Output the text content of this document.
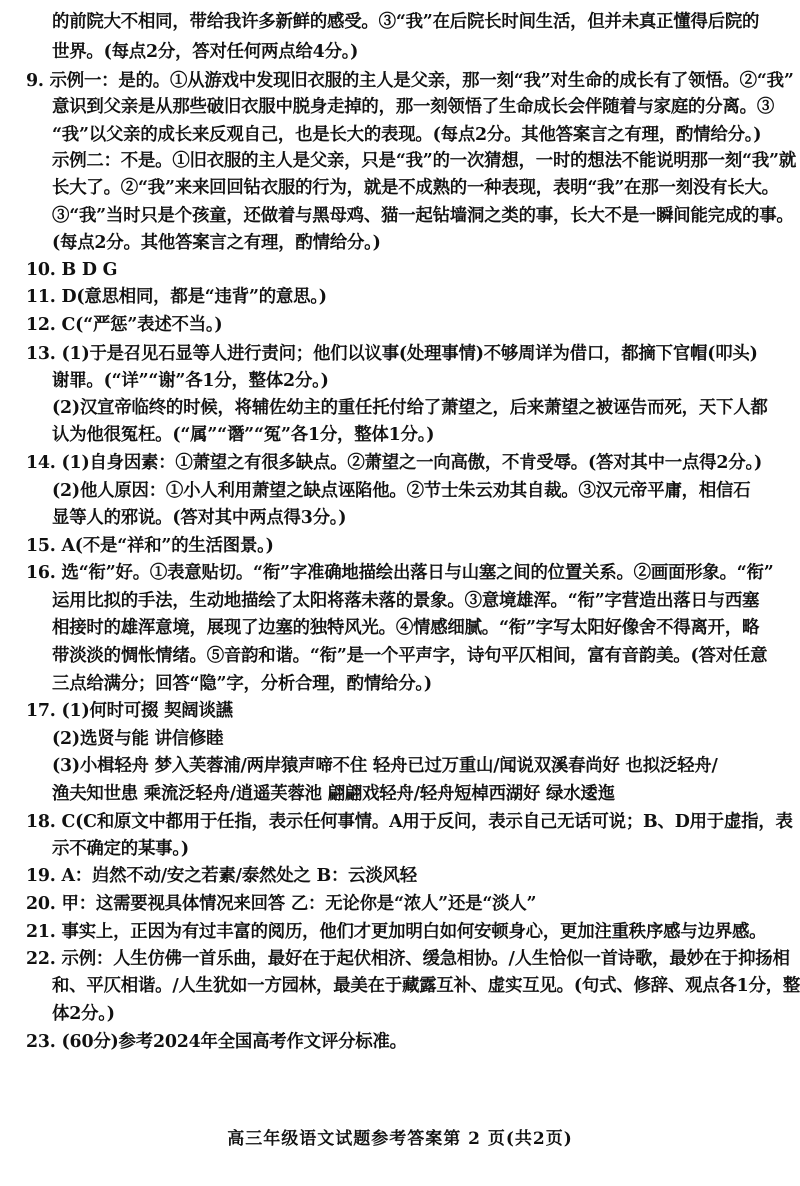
的前院大不相同，带给我许多新鲜的感受。③“我”在后院长时间生活，但并未真正懂得后院的
世界。(每点2分，答对任何两点给4分。)
9. 示例一：是的。①从游戏中发现旧衣服的主人是父亲，那一刻“我”对生命的成长有了领悟。②“我”
意识到父亲是从那些破旧衣服中脱身走掉的，那一刻领悟了生命成长会伴随着与家庭的分离。③
“我”以父亲的成长来反观自己，也是长大的表现。(每点2分。其他答案言之有理，酌情给分。)
示例二：不是。①旧衣服的主人是父亲，只是“我”的一次猜想，一时的想法不能说明那一刻“我”就
长大了。②“我”来来回回钻衣服的行为，就是不成熟的一种表现，表明“我”在那一刻没有长大。
③“我”当时只是个孩童，还做着与黑母鸡、猫一起钻墙洞之类的事，长大不是一瞬间能完成的事。
(每点2分。其他答案言之有理，酌情给分。)
10. B D G
11. D(意思相同，都是“违背”的意思。)
12. C(“严惩”表述不当。)
13. (1)于是召见石显等人进行责问；他们以议事(处理事情)不够周详为借口，都摘下官帽(叩头)
谢罪。(“详”“谢”各1分，整体2分。)
(2)汉宣帝临终的时候，将辅佐幼主的重任托付给了萧望之，后来萧望之被诬告而死，天下人都
认为他很冤枉。(“属”“谮”“冤”各1分，整体1分。)
14. (1)自身因素：①萧望之有很多缺点。②萧望之一向高傲，不肯受辱。(答对其中一点得2分。)
(2)他人原因：①小人利用萧望之缺点诬陷他。②节士朱云劝其自裁。③汉元帝平庸，相信石
显等人的邪说。(答对其中两点得3分。)
15. A(不是“祥和”的生活图景。)
16. 选“衔”好。①表意贴切。“衔”字准确地描绘出落日与山塞之间的位置关系。②画面形象。“衔”
运用比拟的手法，生动地描绘了太阳将落未落的景象。③意境雄浑。“衔”字营造出落日与西塞
相接时的雄浑意境，展现了边塞的独特风光。④情感细腻。“衔”字写太阳好像舍不得离开，略
带淡淡的惆怅情绪。⑤音韵和谐。“衔”是一个平声字，诗句平仄相间，富有音韵美。(答对任意
三点给满分；回答“隐”字，分析合理，酌情给分。)
17. (1)何时可掇 契阔谈讌
(2)选贤与能 讲信修睦
(3)小楫轻舟 梦入芙蓉浦/两岸猿声啼不住 轻舟已过万重山/闻说双溪春尚好 也拟泛轻舟/
渔夫知世患 乘流泛轻舟/逍遥芙蓉池 翩翩戏轻舟/轻舟短棹西湖好 绿水逶迤
18. C(C和原文中都用于任指，表示任何事情。A用于反问，表示自己无话可说；B、D用于虚指，表
示不确定的某事。)
19. A：岿然不动/安之若素/泰然处之 B：云淡风轻
20. 甲：这需要视具体情况来回答 乙：无论你是“浓人”还是“淡人”
21. 事实上，正因为有过丰富的阅历，他们才更加明白如何安顿身心，更加注重秩序感与边界感。
22. 示例：人生仿佛一首乐曲，最好在于起伏相济、缓急相协。/人生恰似一首诗歌，最妙在于抑扬相
和、平仄相谐。/人生犹如一方园林，最美在于藏露互补、虚实互见。(句式、修辞、观点各1分，整
体2分。)
23. (60分)参考2024年全国高考作文评分标准。
高三年级语文试题参考答案第 2 页(共2页)
